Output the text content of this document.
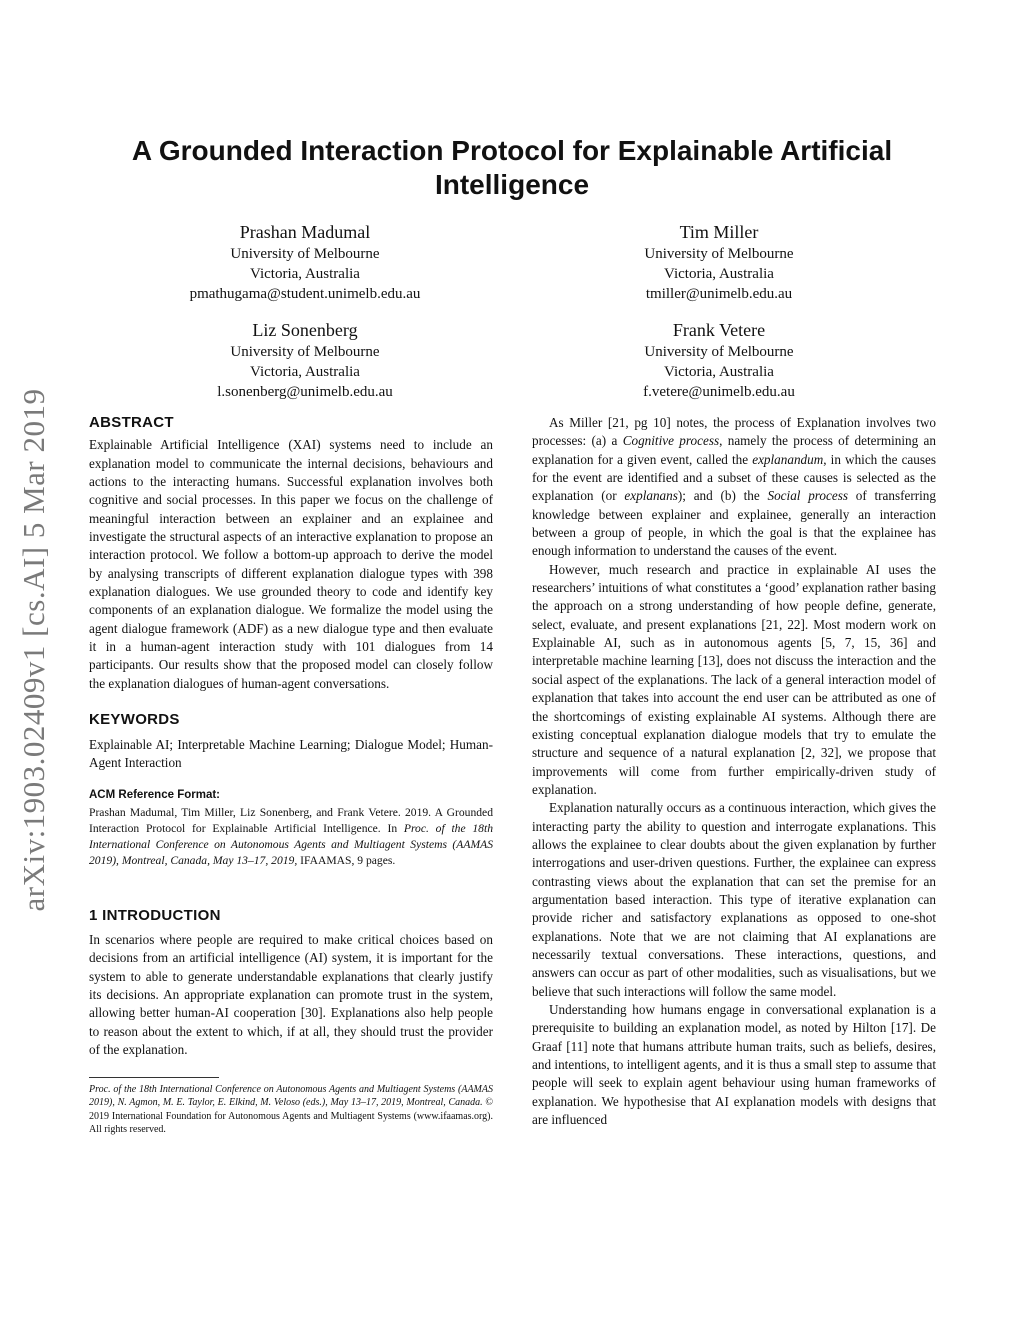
arXiv:1903.02409v1 [cs.AI] 5 Mar 2019
A Grounded Interaction Protocol for Explainable Artificial Intelligence
Prashan Madumal
University of Melbourne
Victoria, Australia
pmathugama@student.unimelb.edu.au
Tim Miller
University of Melbourne
Victoria, Australia
tmiller@unimelb.edu.au
Liz Sonenberg
University of Melbourne
Victoria, Australia
l.sonenberg@unimelb.edu.au
Frank Vetere
University of Melbourne
Victoria, Australia
f.vetere@unimelb.edu.au
ABSTRACT

Explainable Artificial Intelligence (XAI) systems need to include an explanation model to communicate the internal decisions, behaviours and actions to the interacting humans. Successful explanation involves both cognitive and social processes. In this paper we focus on the challenge of meaningful interaction between an explainer and an explainee and investigate the structural aspects of an interactive explanation to propose an interaction protocol. We follow a bottom-up approach to derive the model by analysing transcripts of different explanation dialogue types with 398 explanation dialogues. We use grounded theory to code and identify key components of an explanation dialogue. We formalize the model using the agent dialogue framework (ADF) as a new dialogue type and then evaluate it in a human-agent interaction study with 101 dialogues from 14 participants. Our results show that the proposed model can closely follow the explanation dialogues of human-agent conversations.

KEYWORDS

Explainable AI; Interpretable Machine Learning; Dialogue Model; Human-Agent Interaction

ACM Reference Format:

Prashan Madumal, Tim Miller, Liz Sonenberg, and Frank Vetere. 2019. A Grounded Interaction Protocol for Explainable Artificial Intelligence. In Proc. of the 18th International Conference on Autonomous Agents and Multiagent Systems (AAMAS 2019), Montreal, Canada, May 13–17, 2019, IFAAMAS, 9 pages.

1 INTRODUCTION

In scenarios where people are required to make critical choices based on decisions from an artificial intelligence (AI) system, it is important for the system to able to generate understandable explanations that clearly justify its decisions. An appropriate explanation can promote trust in the system, allowing better human-AI cooperation [30]. Explanations also help people to reason about the extent to which, if at all, they should trust the provider of the explanation.

Proc. of the 18th International Conference on Autonomous Agents and Multiagent Systems (AAMAS 2019), N. Agmon, M. E. Taylor, E. Elkind, M. Veloso (eds.), May 13–17, 2019, Montreal, Canada. © 2019 International Foundation for Autonomous Agents and Multiagent Systems (www.ifaamas.org). All rights reserved.

As Miller [21, pg 10] notes, the process of Explanation involves two processes: (a) a Cognitive process, namely the process of determining an explanation for a given event, called the explanandum, in which the causes for the event are identified and a subset of these causes is selected as the explanation (or explanans); and (b) the Social process of transferring knowledge between explainer and explainee, generally an interaction between a group of people, in which the goal is that the explainee has enough information to understand the causes of the event.

However, much research and practice in explainable AI uses the researchers’ intuitions of what constitutes a ‘good’ explanation rather basing the approach on a strong understanding of how people define, generate, select, evaluate, and present explanations [21, 22]. Most modern work on Explainable AI, such as in autonomous agents [5, 7, 15, 36] and interpretable machine learning [13], does not discuss the interaction and the social aspect of the explanations. The lack of a general interaction model of explanation that takes into account the end user can be attributed as one of the shortcomings of existing explainable AI systems. Although there are existing conceptual explanation dialogue models that try to emulate the structure and sequence of a natural explanation [2, 32], we propose that improvements will come from further empirically-driven study of explanation.

Explanation naturally occurs as a continuous interaction, which gives the interacting party the ability to question and interrogate explanations. This allows the explainee to clear doubts about the given explanation by further interrogations and user-driven questions. Further, the explainee can express contrasting views about the explanation that can set the premise for an argumentation based interaction. This type of iterative explanation can provide richer and satisfactory explanations as opposed to one-shot explanations. Note that we are not claiming that AI explanations are necessarily textual conversations. These interactions, questions, and answers can occur as part of other modalities, such as visualisations, but we believe that such interactions will follow the same model.

Understanding how humans engage in conversational explanation is a prerequisite to building an explanation model, as noted by Hilton [17]. De Graaf [11] note that humans attribute human traits, such as beliefs, desires, and intentions, to intelligent agents, and it is thus a small step to assume that people will seek to explain agent behaviour using human frameworks of explanation. We hypothesise that AI explanation models with designs that are influenced
